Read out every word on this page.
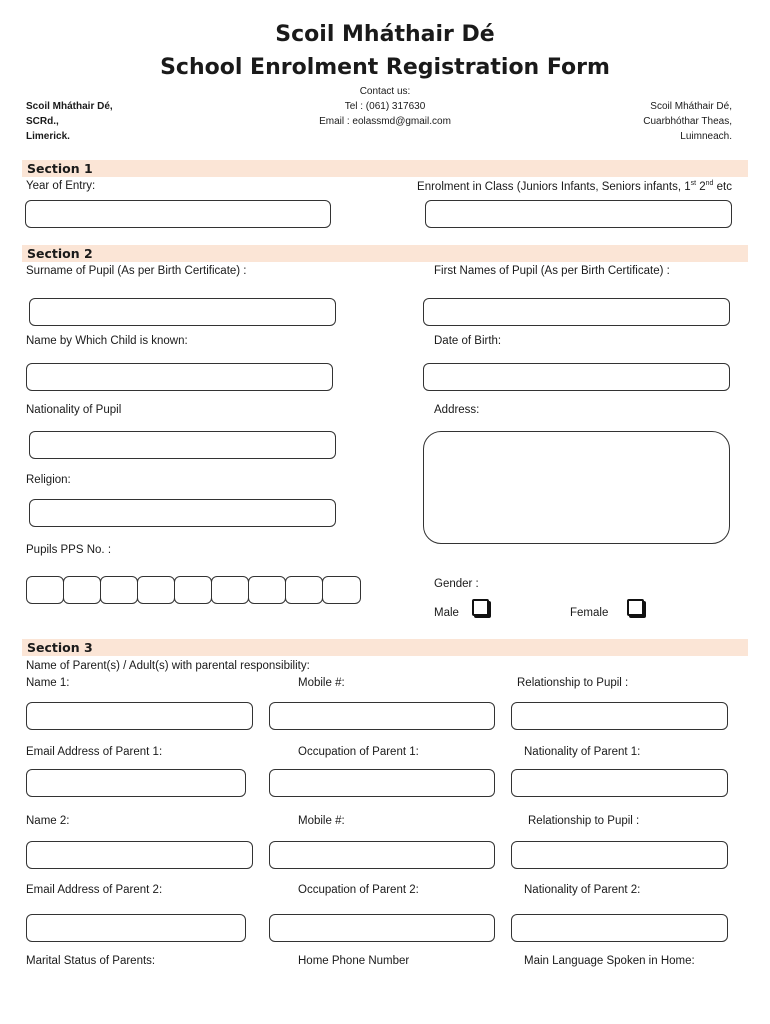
Scoil Mháthair Dé
School Enrolment Registration Form
Contact us:
Tel : (061) 317630
Email : eolassmd@gmail.com
Scoil Mháthair Dé,
SCRd.,
Limerick.
Scoil Mháthair Dé,
Cuarbhóthar Theas,
Luimneach.
Section 1
Year of Entry:	Enrolment in Class (Juniors Infants, Seniors infants, 1st 2nd etc
Section 2
Surname of Pupil (As per Birth Certificate) :	First Names of Pupil (As per Birth Certificate) :
Name by Which Child is known:	Date of Birth:
Nationality of Pupil	Address:
Religion:
Pupils PPS No. :
Gender :
Male	Female
Section 3
Name of Parent(s) / Adult(s) with parental responsibility:
Name 1:	Mobile #:	Relationship to Pupil :
Email Address of Parent 1:	Occupation of Parent 1:	Nationality of Parent 1:
Name 2:	Mobile #:	Relationship to Pupil :
Email Address of Parent 2:	Occupation of Parent 2:	Nationality of Parent 2:
Marital Status of Parents:	Home Phone Number	Main Language Spoken in Home:
